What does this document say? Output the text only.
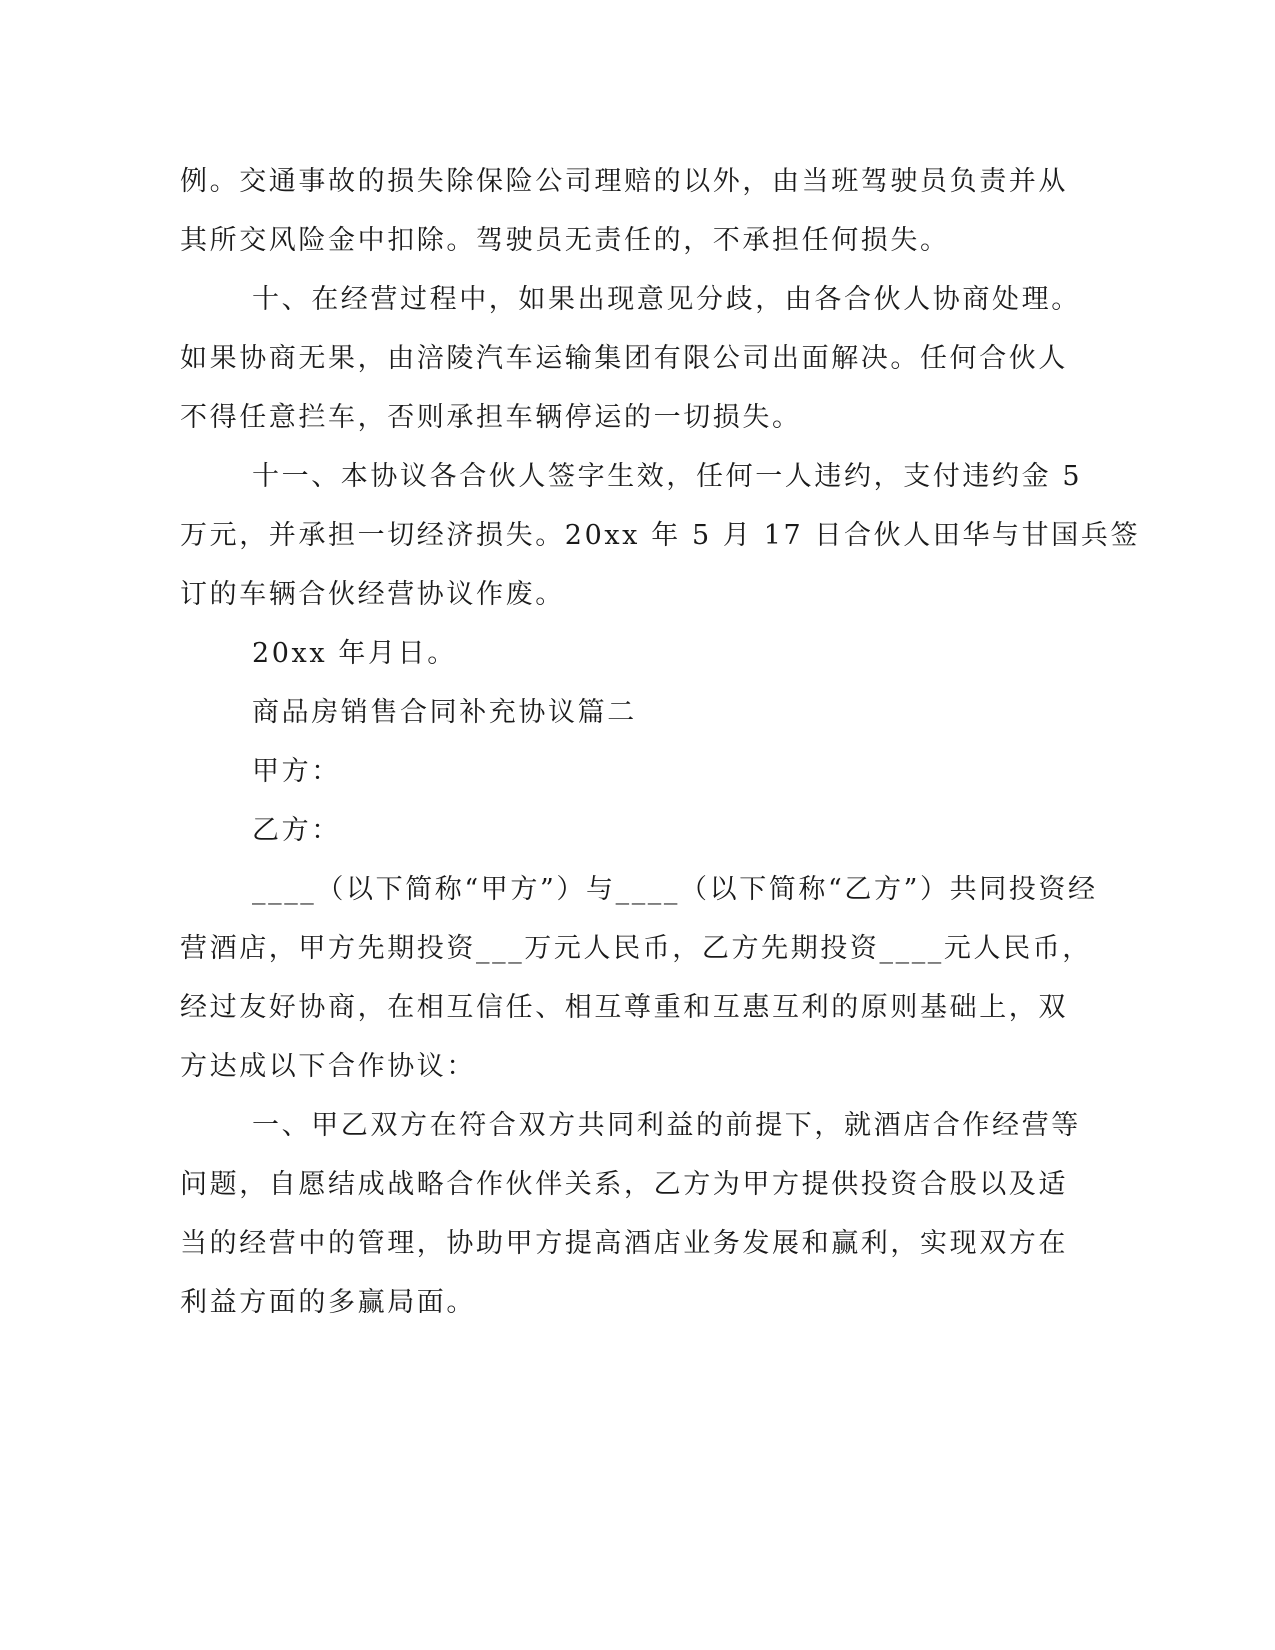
例。交通事故的损失除保险公司理赔的以外，由当班驾驶员负责并从
其所交风险金中扣除。驾驶员无责任的，不承担任何损失。
十、在经营过程中，如果出现意见分歧，由各合伙人协商处理。
如果协商无果，由涪陵汽车运输集团有限公司出面解决。任何合伙人
不得任意拦车，否则承担车辆停运的一切损失。
十一、本协议各合伙人签字生效，任何一人违约，支付违约金 5
万元，并承担一切经济损失。20xx 年 5 月 17 日合伙人田华与甘国兵签
订的车辆合伙经营协议作废。
20xx 年月日。
商品房销售合同补充协议篇二
甲方：
乙方：
____（以下简称“甲方”）与____（以下简称“乙方”）共同投资经
营酒店，甲方先期投资___万元人民币，乙方先期投资____元人民币，
经过友好协商，在相互信任、相互尊重和互惠互利的原则基础上，双
方达成以下合作协议：
一、甲乙双方在符合双方共同利益的前提下，就酒店合作经营等
问题，自愿结成战略合作伙伴关系，乙方为甲方提供投资合股以及适
当的经营中的管理，协助甲方提高酒店业务发展和赢利，实现双方在
利益方面的多赢局面。
